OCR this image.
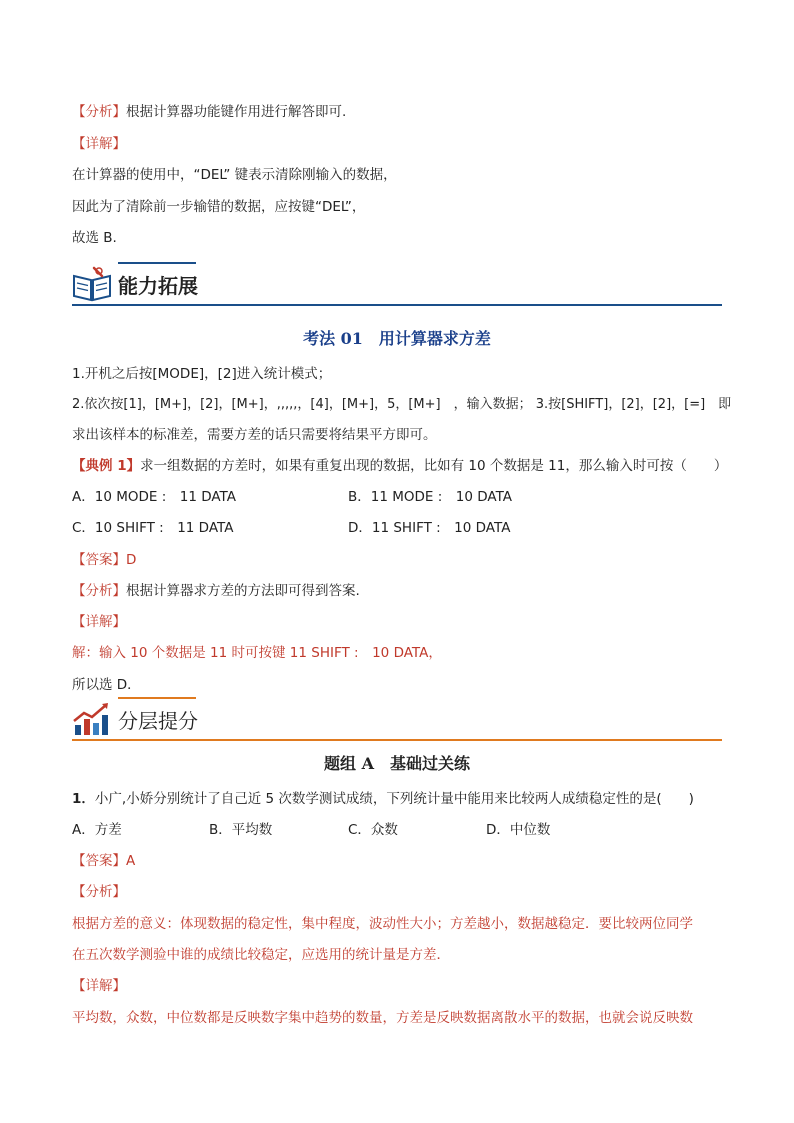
【分析】根据计算器功能键作用进行解答即可.
【详解】
在计算器的使用中，“DEL” 键表示清除刚输入的数据，
因此为了清除前一步输错的数据，应按键“DEL”，
故选 B.
能力拓展
考法 01　用计算器求方差
1.开机之后按[MODE]，[2]进入统计模式；
2.依次按[1]，[M+]，[2]，[M+]，,,,,,，[4]，[M+]，5，[M+]　，输入数据； 3.按[SHIFT]，[2]，[2]，[=]　即
求出该样本的标准差，需要方差的话只需要将结果平方即可。
【典例 1】求一组数据的方差时，如果有重复出现的数据，比如有 10 个数据是 11，那么输入时可按（　　）
A．10 MODE :　11 DATA	B．11 MODE :　10 DATA
C．10 SHIFT :　11 DATA	D．11 SHIFT :　10 DATA
【答案】D
【分析】根据计算器求方差的方法即可得到答案.
【详解】
解：输入 10 个数据是 11 时可按键 11 SHIFT :　10 DATA，
所以选 D．
分层提分
题组 A　基础过关练
1．小广,小娇分别统计了自己近 5 次数学测试成绩，下列统计量中能用来比较两人成绩稳定性的是(　　)
A．方差	B．平均数	C．众数	D．中位数
【答案】A
【分析】
根据方差的意义：体现数据的稳定性，集中程度，波动性大小；方差越小，数据越稳定．要比较两位同学
在五次数学测验中谁的成绩比较稳定，应选用的统计量是方差．
【详解】
平均数，众数，中位数都是反映数字集中趋势的数量，方差是反映数据离散水平的数据，也就会说反映数
